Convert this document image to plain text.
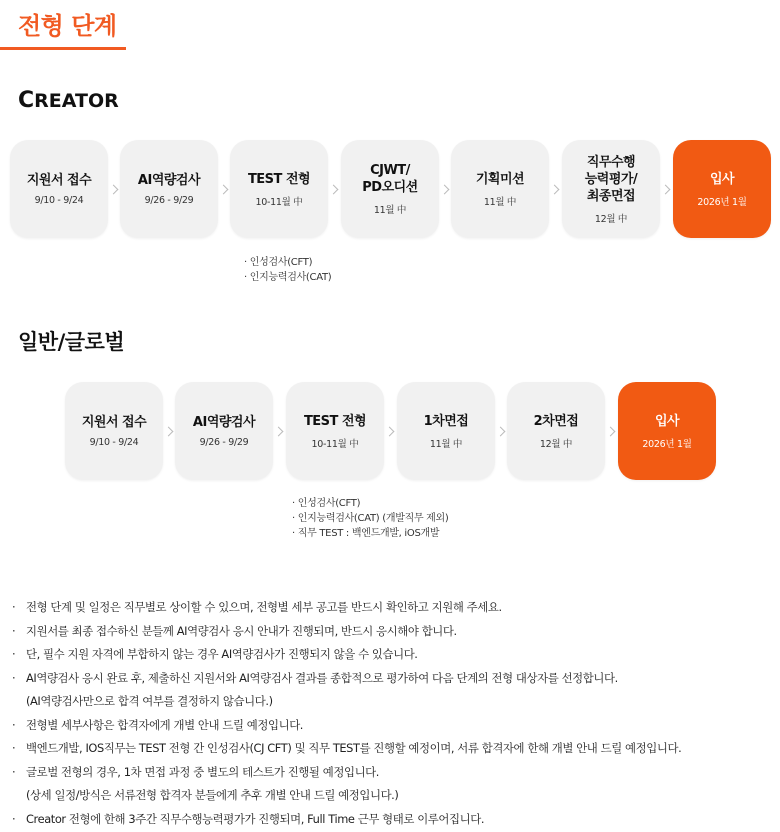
전형 단계
CREATOR
지원서 접수
9/10 - 9/24
AI역량검사
9/26 - 9/29
TEST 전형
10-11월 中
CJWT/
PD오디션
11월 中
기획미션
11월 中
직무수행
능력평가/
최종면접
12월 中
입사
2026년 1월
· 인성검사(CFT)
· 인지능력검사(CAT)
일반/글로벌
지원서 접수
9/10 - 9/24
AI역량검사
9/26 - 9/29
TEST 전형
10-11월 中
1차면접
11월 中
2차면접
12월 中
입사
2026년 1월
· 인성검사(CFT)
· 인지능력검사(CAT) (개발직무 제외)
· 직무 TEST : 백엔드개발, iOS개발
· 전형 단계 및 일정은 직무별로 상이할 수 있으며, 전형별 세부 공고를 반드시 확인하고 지원해 주세요.
· 지원서를 최종 접수하신 분들께 AI역량검사 응시 안내가 진행되며, 반드시 응시해야 합니다.
· 단, 필수 지원 자격에 부합하지 않는 경우 AI역량검사가 진행되지 않을 수 있습니다.
· AI역량검사 응시 완료 후, 제출하신 지원서와 AI역량검사 결과를 종합적으로 평가하여 다음 단계의 전형 대상자를 선정합니다.
(AI역량검사만으로 합격 여부를 결정하지 않습니다.)
· 전형별 세부사항은 합격자에게 개별 안내 드릴 예정입니다.
· 백엔드개발, IOS직무는 TEST 전형 간 인성검사(CJ CFT) 및 직무 TEST를 진행할 예정이며, 서류 합격자에 한해 개별 안내 드릴 예정입니다.
· 글로벌 전형의 경우, 1차 면접 과정 중 별도의 테스트가 진행될 예정입니다.
(상세 일정/방식은 서류전형 합격자 분들에게 추후 개별 안내 드릴 예정입니다.)
· Creator 전형에 한해 3주간 직무수행능력평가가 진행되며, Full Time 근무 형태로 이루어집니다.
